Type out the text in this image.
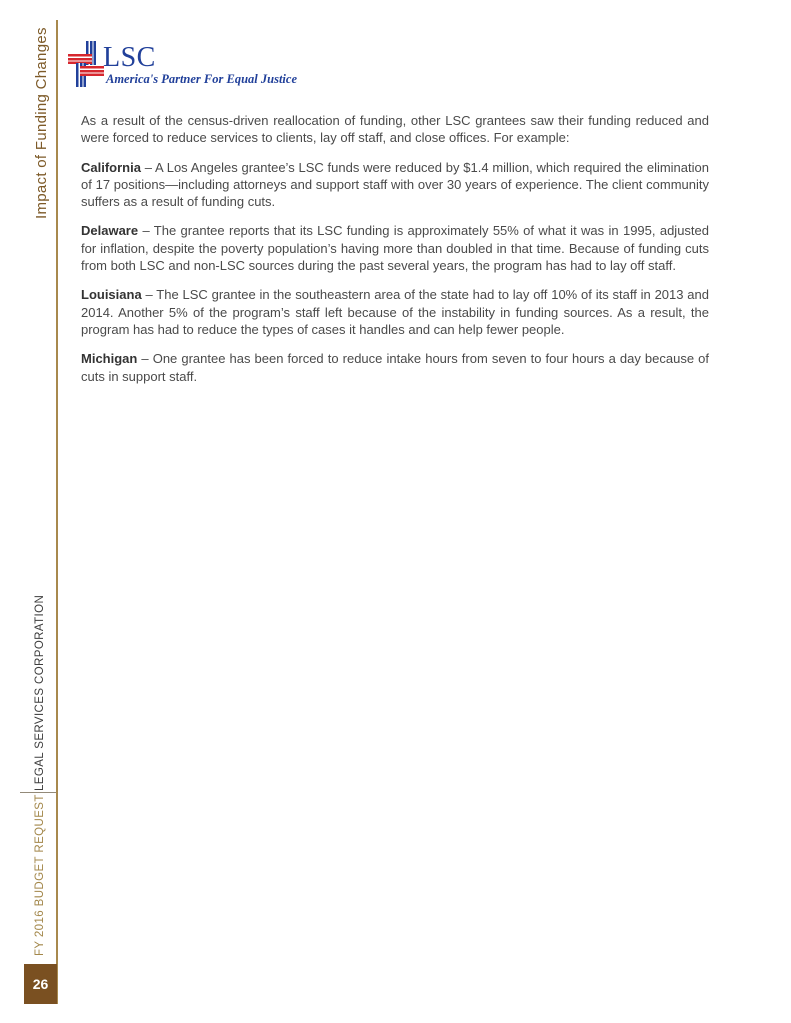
Impact of Funding Changes
LEGAL SERVICES CORPORATION
FY 2016 BUDGET REQUEST
26
LSC
America's Partner For Equal Justice

As a result of the census-driven reallocation of funding, other LSC grantees saw their funding reduced and were forced to reduce services to clients, lay off staff, and close offices. For example:

California – A Los Angeles grantee’s LSC funds were reduced by $1.4 million, which required the elimination of 17 positions—including attorneys and support staff with over 30 years of experience. The client community suffers as a result of funding cuts.

Delaware – The grantee reports that its LSC funding is approximately 55% of what it was in 1995, adjusted for inflation, despite the poverty population’s having more than doubled in that time. Because of funding cuts from both LSC and non-LSC sources during the past several years, the program has had to lay off staff.

Louisiana – The LSC grantee in the southeastern area of the state had to lay off 10% of its staff in 2013 and 2014. Another 5% of the program’s staff left because of the instability in funding sources. As a result, the program has had to reduce the types of cases it handles and can help fewer people.

Michigan – One grantee has been forced to reduce intake hours from seven to four hours a day because of cuts in support staff.
